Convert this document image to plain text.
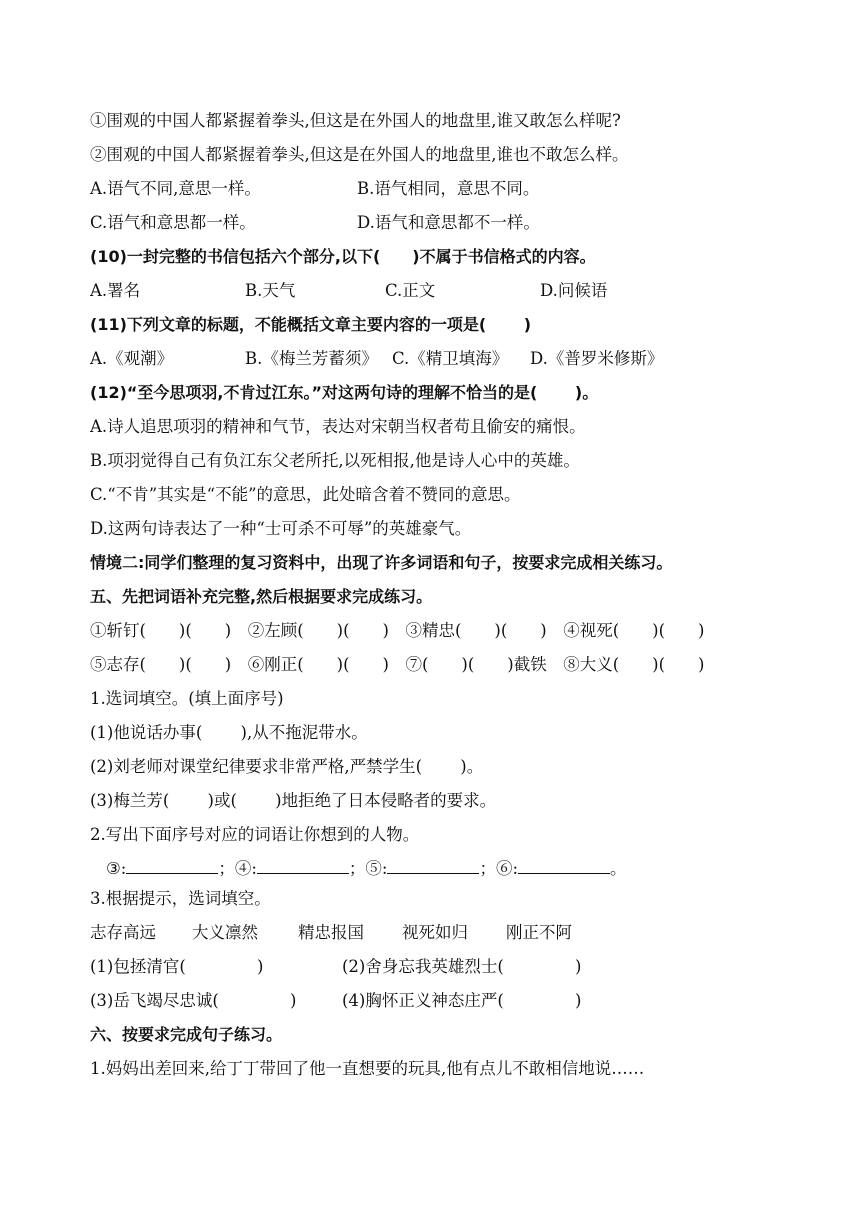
①围观的中国人都紧握着拳头,但这是在外国人的地盘里,谁又敢怎么样呢?
②围观的中国人都紧握着拳头,但这是在外国人的地盘里,谁也不敢怎么样。
A.语气不同,意思一样。	B.语气相同，意思不同。
C.语气和意思都一样。	D.语气和意思都不一样。
(10)一封完整的书信包括六个部分,以下(　　)不属于书信格式的内容。
A.署名	B.天气	C.正文	D.问候语
(11)下列文章的标题，不能概括文章主要内容的一项是(　　 )
A.《观潮》	B.《梅兰芳蓄须》 C.《精卫填海》 D.《普罗米修斯》
(12)“至今思项羽,不肯过江东。”对这两句诗的理解不恰当的是(　　 )。
A.诗人追思项羽的精神和气节，表达对宋朝当权者苟且偷安的痛恨。
B.项羽觉得自己有负江东父老所托,以死相报,他是诗人心中的英雄。
C.“不肯”其实是“不能”的意思，此处暗含着不赞同的意思。
D.这两句诗表达了一种“士可杀不可辱”的英雄豪气。
情境二:同学们整理的复习资料中，出现了许多词语和句子，按要求完成相关练习。
五、先把词语补充完整,然后根据要求完成练习。
①斩钉(　　)(　　)　②左顾(　　)(　　)　③精忠(　　)(　　)　④视死(　　)(　　)
⑤志存(　　)(　　)　⑥刚正(　　)(　　)　⑦(　　)(　　)截铁　⑧大义(　　)(　　)
1.选词填空。(填上面序号)
(1)他说话办事(　　 ),从不拖泥带水。
(2)刘老师对课堂纪律要求非常严格,严禁学生(　　 )。
(3)梅兰芳(　　 )或(　　 )地拒绝了日本侵略者的要求。
2.写出下面序号对应的词语让你想到的人物。
③:	；④:	；⑤:	；⑥:	。
3.根据提示，选词填空。

志存高远

大义凛然

精忠报国

视死如归

刚正不阿

(1)包拯清官(　　　　 )	(2)舍身忘我英雄烈士(　　　　 )
(3)岳飞竭尽忠诚(　　　　 )	(4)胸怀正义神态庄严(　　　　 )
六、按要求完成句子练习。
1.妈妈出差回来,给丁丁带回了他一直想要的玩具,他有点儿不敢相信地说……
